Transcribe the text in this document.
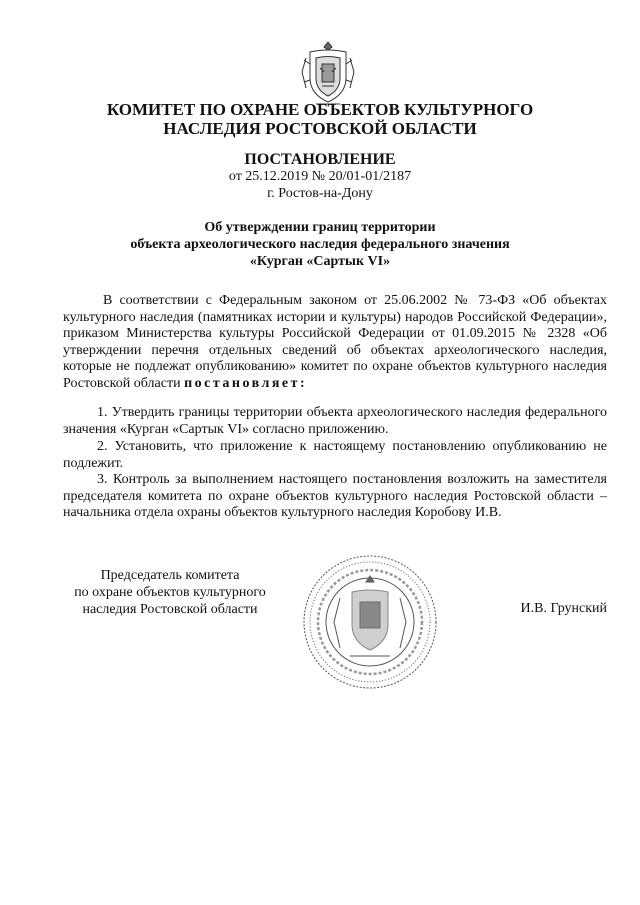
КОМИТЕТ ПО ОХРАНЕ ОБЪЕКТОВ КУЛЬТУРНОГО
НАСЛЕДИЯ РОСТОВСКОЙ ОБЛАСТИ
ПОСТАНОВЛЕНИЕ
от 25.12.2019 № 20/01-01/2187
г. Ростов-на-Дону
Об утверждении границ территории
объекта археологического наследия федерального значения
«Курган «Сартык VI»

В соответствии с Федеральным законом от 25.06.2002 № 73-ФЗ «Об объектах культурного наследия (памятниках истории и культуры) народов Российской Федерации», приказом Министерства культуры Российской Федерации от 01.09.2015 № 2328 «Об утверждении перечня отдельных сведений об объектах археологического наследия, которые не подлежат опубликованию» комитет по охране объектов культурного наследия Ростовской области постановляет:

1. Утвердить границы территории объекта археологического наследия федерального значения «Курган «Сартык VI» согласно приложению.

2. Установить, что приложение к настоящему постановлению опубликованию не подлежит.

3. Контроль за выполнением настоящего постановления возложить на заместителя председателя комитета по охране объектов культурного наследия Ростовской области – начальника отдела охраны объектов культурного наследия Коробову И.В.

Председатель комитета
по охране объектов культурного
наследия Ростовской области	И.В. Грунский
